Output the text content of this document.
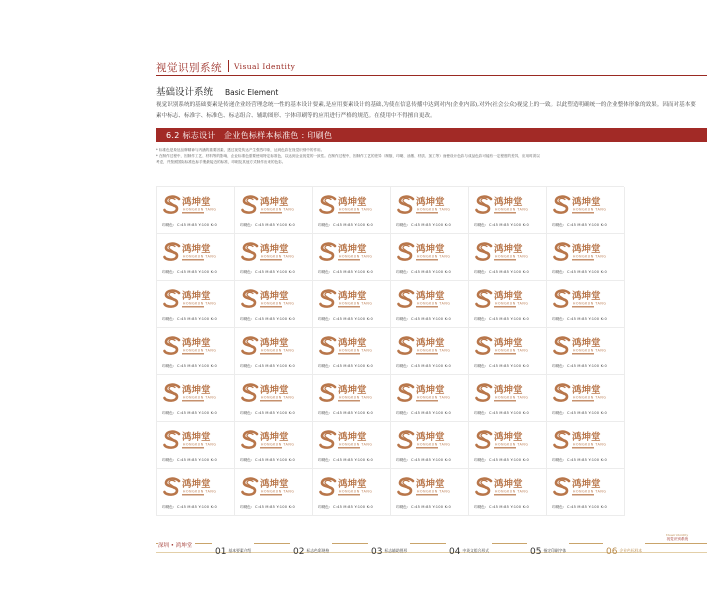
视觉识别系统 Visual Identity
基础设计系统 Basic Element
视觉识别系统的基础要素是传递企业经营理念统一性的基本设计要素,是应用要素设计的基础,为使在信息传播中达到对内(企业内部),对外(社会公众)视觉上的一致。以此塑造明确统一的企业整体形象的效果。因而对基本要素中标志、标准字、标准色、标志组合、辅助图形、字体印刷等的应用进行严格的规范。在使用中不得擅自更改。
6.2 标志设计　企业色标样本标准色 : 印刷色
* 标准色是象征品牌精神与内涵的重要因素，透过视觉传达产生强烈印象，达到色彩在视觉识别中的作用。
* 在制作过程中，因制作工艺、材料等的影响，企业标准色需要使用特定标准色，以达到企业视觉的一致性。在制作过程中，因制作工艺的差异（制版、印刷、油墨、材质、加工等）而使设计色彩与成品色彩可能有一定程度的差异，应用时须以
考虑，并按照国际标准色标手册最接近的标准，印刷及其他方式制作出来的色彩。
鸿坤堂
HONGKUN TANG
印刷色: C:45 M:85 Y:100 K:0
鸿坤堂
HONGKUN TANG
印刷色: C:45 M:85 Y:100 K:0
鸿坤堂
HONGKUN TANG
印刷色: C:45 M:85 Y:100 K:0
鸿坤堂
HONGKUN TANG
印刷色: C:45 M:85 Y:100 K:0
鸿坤堂
HONGKUN TANG
印刷色: C:45 M:85 Y:100 K:0
鸿坤堂
HONGKUN TANG
印刷色: C:45 M:85 Y:100 K:0
鸿坤堂
HONGKUN TANG
印刷色: C:45 M:85 Y:100 K:0
鸿坤堂
HONGKUN TANG
印刷色: C:45 M:85 Y:100 K:0
鸿坤堂
HONGKUN TANG
印刷色: C:45 M:85 Y:100 K:0
鸿坤堂
HONGKUN TANG
印刷色: C:45 M:85 Y:100 K:0
鸿坤堂
HONGKUN TANG
印刷色: C:45 M:85 Y:100 K:0
鸿坤堂
HONGKUN TANG
印刷色: C:45 M:85 Y:100 K:0
鸿坤堂
HONGKUN TANG
印刷色: C:45 M:85 Y:100 K:0
鸿坤堂
HONGKUN TANG
印刷色: C:45 M:85 Y:100 K:0
鸿坤堂
HONGKUN TANG
印刷色: C:45 M:85 Y:100 K:0
鸿坤堂
HONGKUN TANG
印刷色: C:45 M:85 Y:100 K:0
鸿坤堂
HONGKUN TANG
印刷色: C:45 M:85 Y:100 K:0
鸿坤堂
HONGKUN TANG
印刷色: C:45 M:85 Y:100 K:0
鸿坤堂
HONGKUN TANG
印刷色: C:45 M:85 Y:100 K:0
鸿坤堂
HONGKUN TANG
印刷色: C:45 M:85 Y:100 K:0
鸿坤堂
HONGKUN TANG
印刷色: C:45 M:85 Y:100 K:0
鸿坤堂
HONGKUN TANG
印刷色: C:45 M:85 Y:100 K:0
鸿坤堂
HONGKUN TANG
印刷色: C:45 M:85 Y:100 K:0
鸿坤堂
HONGKUN TANG
印刷色: C:45 M:85 Y:100 K:0
鸿坤堂
HONGKUN TANG
印刷色: C:45 M:85 Y:100 K:0
鸿坤堂
HONGKUN TANG
印刷色: C:45 M:85 Y:100 K:0
鸿坤堂
HONGKUN TANG
印刷色: C:45 M:85 Y:100 K:0
鸿坤堂
HONGKUN TANG
印刷色: C:45 M:85 Y:100 K:0
鸿坤堂
HONGKUN TANG
印刷色: C:45 M:85 Y:100 K:0
鸿坤堂
HONGKUN TANG
印刷色: C:45 M:85 Y:100 K:0
鸿坤堂
HONGKUN TANG
印刷色: C:45 M:85 Y:100 K:0
鸿坤堂
HONGKUN TANG
印刷色: C:45 M:85 Y:100 K:0
鸿坤堂
HONGKUN TANG
印刷色: C:45 M:85 Y:100 K:0
鸿坤堂
HONGKUN TANG
印刷色: C:45 M:85 Y:100 K:0
鸿坤堂
HONGKUN TANG
印刷色: C:45 M:85 Y:100 K:0
鸿坤堂
HONGKUN TANG
印刷色: C:45 M:85 Y:100 K:0
鸿坤堂
HONGKUN TANG
印刷色: C:45 M:85 Y:100 K:0
鸿坤堂
HONGKUN TANG
印刷色: C:45 M:85 Y:100 K:0
鸿坤堂
HONGKUN TANG
印刷色: C:45 M:85 Y:100 K:0
鸿坤堂
HONGKUN TANG
印刷色: C:45 M:85 Y:100 K:0
鸿坤堂
HONGKUN TANG
印刷色: C:45 M:85 Y:100 K:0
鸿坤堂
HONGKUN TANG
印刷色: C:45 M:85 Y:100 K:0
深圳 • 鸿坤堂
01 基本要素介绍	02 标志色彩规格	03 标志辅助图形	04 中英文组合形式	05 指定印刷字体	06 企业色标样本
Visual Identity
视觉识别系统
